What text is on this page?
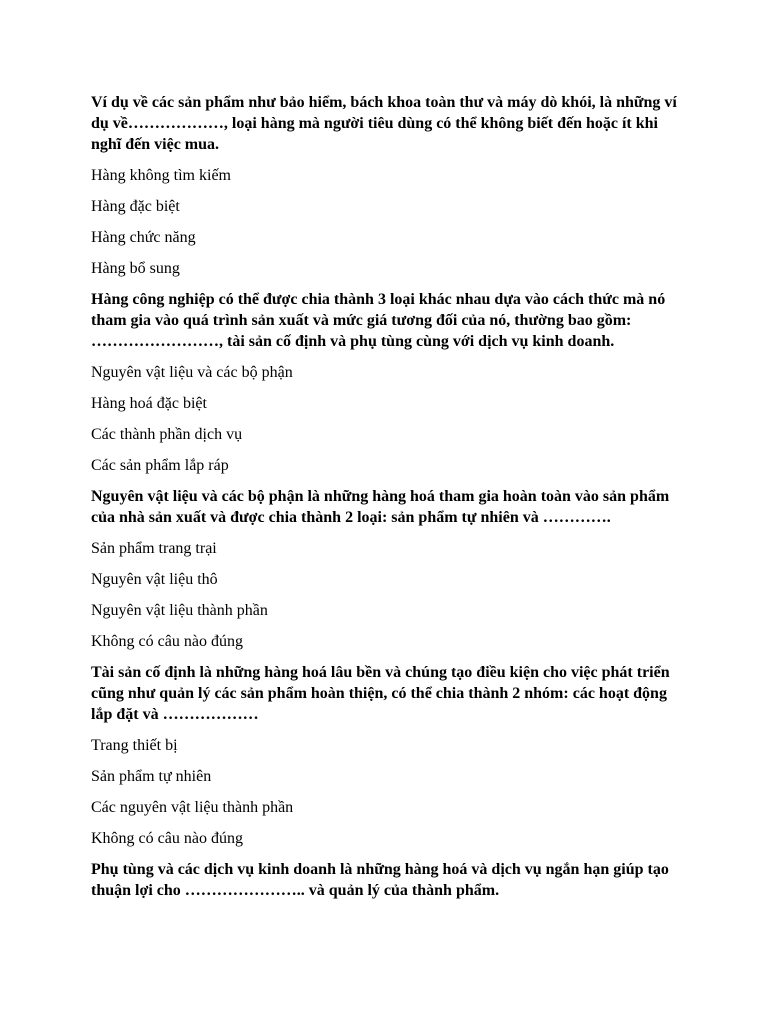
Ví dụ về các sản phẩm như bảo hiểm, bách khoa toàn thư và máy dò khói, là những ví dụ về………………, loại hàng mà người tiêu dùng có thể không biết đến hoặc ít khi nghĩ đến việc mua.

Hàng không tìm kiếm

Hàng đặc biệt

Hàng chức năng

Hàng bổ sung

Hàng công nghiệp có thể được chia thành 3 loại khác nhau dựa vào cách thức mà nó tham gia vào quá trình sản xuất và mức giá tương đối của nó, thường bao gồm: ……………………, tài sản cố định và phụ tùng cùng với dịch vụ kinh doanh.

Nguyên vật liệu và các bộ phận

Hàng hoá đặc biệt

Các thành phần dịch vụ

Các sản phẩm lắp ráp

Nguyên vật liệu và các bộ phận là những hàng hoá tham gia hoàn toàn vào sản phẩm của nhà sản xuất và được chia thành 2 loại: sản phẩm tự nhiên và ………….

Sản phẩm trang trại

Nguyên vật liệu thô

Nguyên vật liệu thành phần

Không có câu nào đúng

Tài sản cố định là những hàng hoá lâu bền và chúng tạo điều kiện cho việc phát triển cũng như quản lý các sản phẩm hoàn thiện, có thể chia thành 2 nhóm: các hoạt động lắp đặt và ………………

Trang thiết bị

Sản phẩm tự nhiên

Các nguyên vật liệu thành phần

Không có câu nào đúng

Phụ tùng và các dịch vụ kinh doanh là những hàng hoá và dịch vụ ngắn hạn giúp tạo thuận lợi cho ………………….. và quản lý của thành phẩm.
